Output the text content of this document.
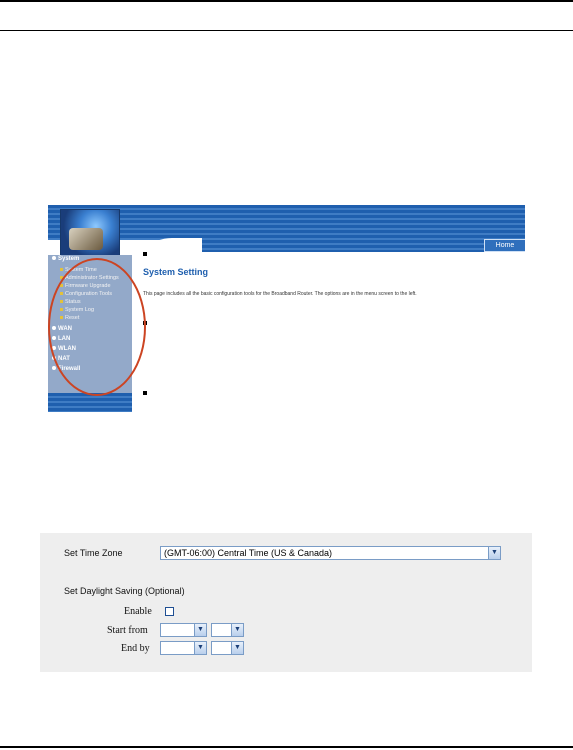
Home
System
System Time
Administrator Settings
Firmware Upgrade
Configuration Tools
Status
System Log
Reset
WAN
LAN
WLAN
NAT
Firewall
System Setting
This page includes all the basic configuration tools for the Broadband Router. The options are in the menu screen to the left.
Set Time Zone	(GMT-06:00) Central Time (US & Canada)	▼
Set Daylight Saving (Optional)
Enable
Start from	▼	▼
End by	▼	▼
